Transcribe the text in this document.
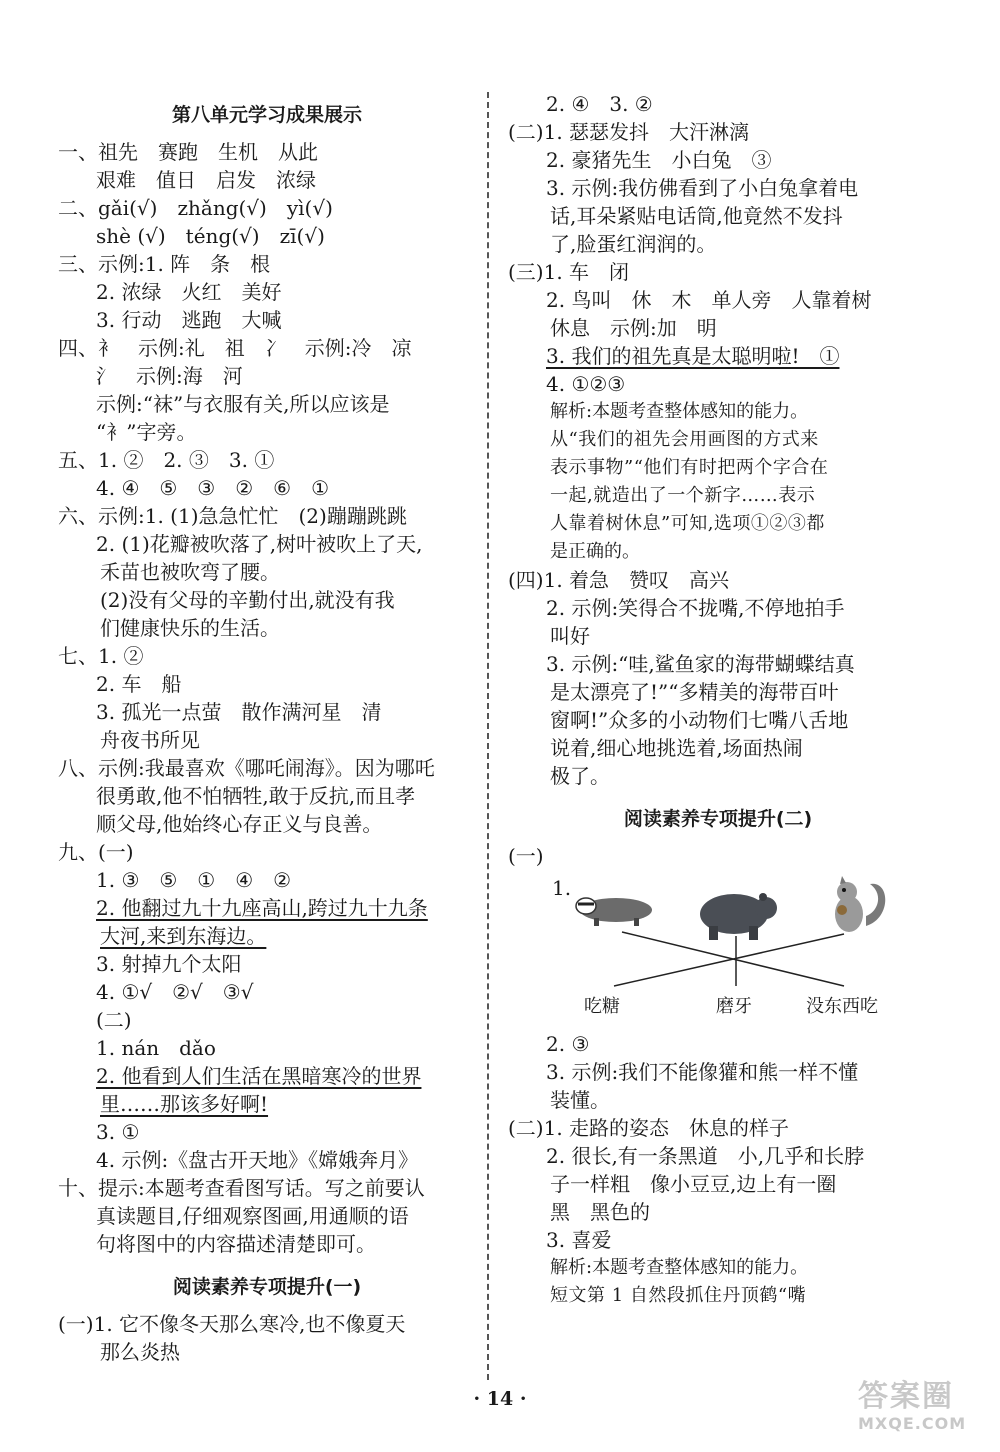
第八单元学习成果展示
一、祖先　赛跑　生机　从此
艰难　值日　启发　浓绿
二、gǎi(√)　zhǎng(√)　yì(√)
shè (√)　téng(√)　zī(√)
三、示例:1. 阵　条　根
2. 浓绿　火红　美好
3. 行动　逃跑　大喊
四、衤　示例:礼　祖　冫　示例:冷　凉
氵　示例:海　河
示例:“袜”与衣服有关,所以应该是
“衤”字旁。
五、1. ②　2. ③　3. ①
4. ④　⑤　③　②　⑥　①
六、示例:1. (1)急急忙忙　(2)蹦蹦跳跳
2. (1)花瓣被吹落了,树叶被吹上了天,
禾苗也被吹弯了腰。
(2)没有父母的辛勤付出,就没有我
们健康快乐的生活。
七、1. ②
2. 车　船
3. 孤光一点萤　散作满河星　清
舟夜书所见
八、示例:我最喜欢《哪吒闹海》。因为哪吒
很勇敢,他不怕牺牲,敢于反抗,而且孝
顺父母,他始终心存正义与良善。
九、(一)
1. ③　⑤　①　④　②
2. 他翻过九十九座高山,跨过九十九条
大河,来到东海边。
3. 射掉九个太阳
4. ①√　②√　③√
(二)
1. nán　dǎo
2. 他看到人们生活在黑暗寒冷的世界
里……那该多好啊!
3. ①
4. 示例:《盘古开天地》《嫦娥奔月》
十、提示:本题考查看图写话。写之前要认
真读题目,仔细观察图画,用通顺的语
句将图中的内容描述清楚即可。
阅读素养专项提升(一)
(一)1. 它不像冬天那么寒冷,也不像夏天
那么炎热
2. ④　3. ②
(二)1. 瑟瑟发抖　大汗淋漓
2. 豪猪先生　小白兔　③
3. 示例:我仿佛看到了小白兔拿着电
话,耳朵紧贴电话筒,他竟然不发抖
了,脸蛋红润润的。
(三)1. 车　闭
2. 鸟叫　休　木　单人旁　人靠着树
休息　示例:加　明
3. 我们的祖先真是太聪明啦!　①
4. ①②③
解析:本题考查整体感知的能力。
从“我们的祖先会用画图的方式来
表示事物”“他们有时把两个字合在
一起,就造出了一个新字……表示
人靠着树休息”可知,选项①②③都
是正确的。
(四)1. 着急　赞叹　高兴
2. 示例:笑得合不拢嘴,不停地拍手
叫好
3. 示例:“哇,鲨鱼家的海带蝴蝶结真
是太漂亮了!”“多精美的海带百叶
窗啊!”众多的小动物们七嘴八舌地
说着,细心地挑选着,场面热闹
极了。
阅读素养专项提升(二)
(一)
1.
吃糖	磨牙	没东西吃
2. ③
3. 示例:我们不能像獾和熊一样不懂
装懂。
(二)1. 走路的姿态　休息的样子
2. 很长,有一条黑道　小,几乎和长脖
子一样粗　像小豆豆,边上有一圈
黑　黑色的
3. 喜爱
解析:本题考查整体感知的能力。
短文第 1 自然段抓住丹顶鹤“嘴
· 14 ·	答案圈
MXQE.COM
